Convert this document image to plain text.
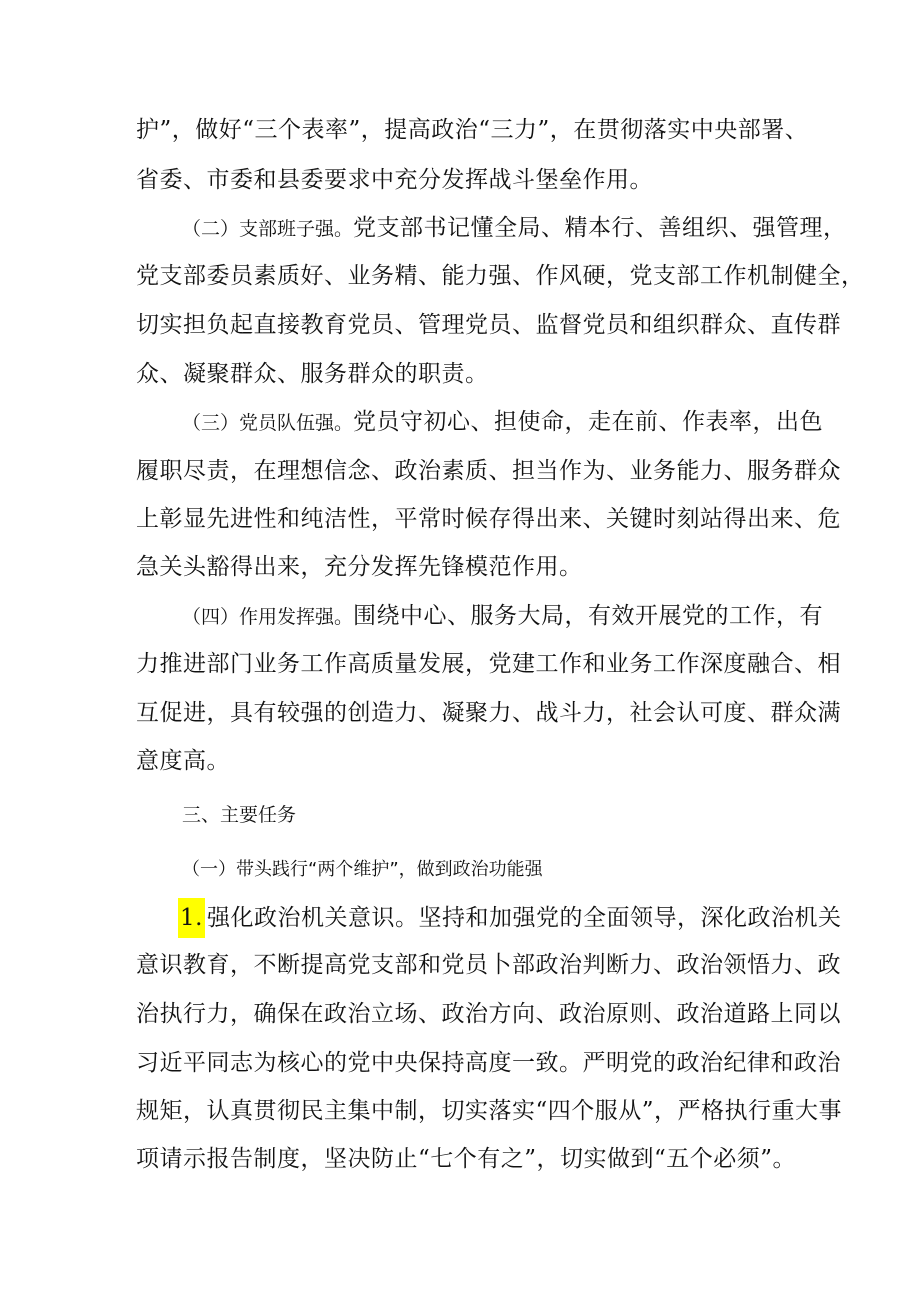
护”，做好“三个表率”，提高政治“三力”，在贯彻落实中央部署、
省委、市委和县委要求中充分发挥战斗堡垒作用。
（二）支部班子强。党支部书记懂全局、精本行、善组织、强管理，
党支部委员素质好、业务精、能力强、作风硬，党支部工作机制健全，
切实担负起直接教育党员、管理党员、监督党员和组织群众、直传群
众、凝聚群众、服务群众的职责。
（三）党员队伍强。党员守初心、担使命，走在前、作表率，出色
履职尽责，在理想信念、政治素质、担当作为、业务能力、服务群众
上彰显先进性和纯洁性，平常时候存得出来、关键时刻站得出来、危
急关头豁得出来，充分发挥先锋模范作用。
（四）作用发挥强。围绕中心、服务大局，有效开展党的工作，有
力推进部门业务工作高质量发展，党建工作和业务工作深度融合、相
互促进，具有较强的创造力、凝聚力、战斗力，社会认可度、群众满
意度高。
三、主要任务
（一）带头践行“两个维护”，做到政治功能强
1. 强化政治机关意识。坚持和加强党的全面领导，深化政治机关
意识教育，不断提高党支部和党员卜部政治判断力、政治领悟力、政
治执行力，确保在政治立场、政治方向、政治原则、政治道路上同以
习近平同志为核心的党中央保持高度一致。严明党的政治纪律和政治
规矩，认真贯彻民主集中制，切实落实“四个服从”，严格执行重大事
项请示报告制度，坚决防止“七个有之”，切实做到“五个必须”。
